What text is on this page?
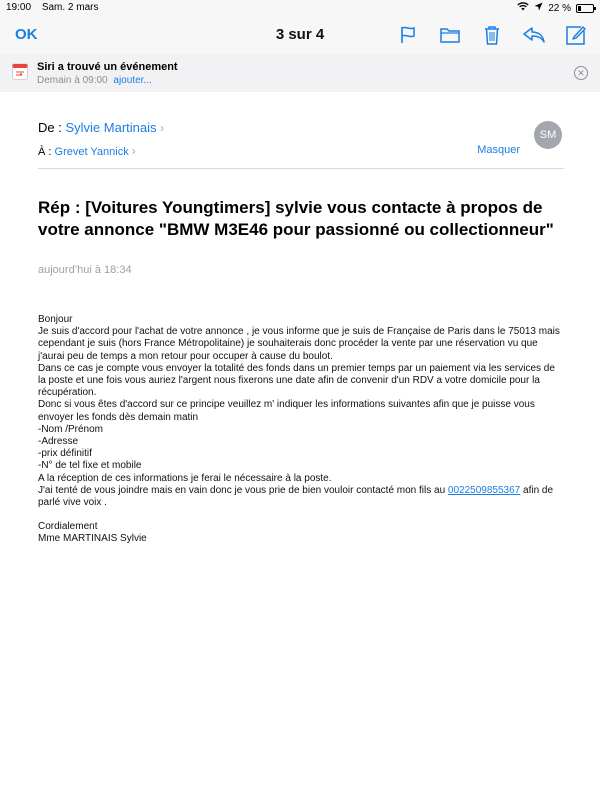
19:00 Sam. 2 mars	22 %
OK	3 sur 4
Siri a trouvé un événement
Demain à 09:00 ajouter...
✕
De : Sylvie Martinais ›
À : Grevet Yannick ›	Masquer
SM
Rép : [Voitures Youngtimers] sylvie vous contacte à propos de votre annonce "BMW M3E46 pour passionné ou collectionneur"
aujourd’hui à 18:34

Bonjour

Je suis d'accord pour l'achat de votre annonce , je vous informe que je suis de Française de Paris dans le 75013 mais cependant je suis (hors France Métropolitaine) je souhaiterais donc procéder la vente par une réservation vu que j'aurai peu de temps a mon retour pour occuper à cause du boulot.

Dans ce cas je compte vous envoyer la totalité des fonds dans un premier temps par un paiement via les services de la poste et une fois vous auriez l'argent nous fixerons une date afin de convenir d'un RDV a votre domicile pour la récupération.

Donc si vous êtes d'accord sur ce principe veuillez m' indiquer les informations suivantes afin que je puisse vous envoyer les fonds dès demain matin

-Nom /Prénom

-Adresse

-prix définitif

-N° de tel fixe et mobile

A la réception de ces informations je ferai le nécessaire à la poste.

J'ai tenté de vous joindre mais en vain donc je vous prie de bien vouloir contacté mon fils au 0022509855367 afin de parlé vive voix .

Cordialement

Mme MARTINAIS Sylvie
